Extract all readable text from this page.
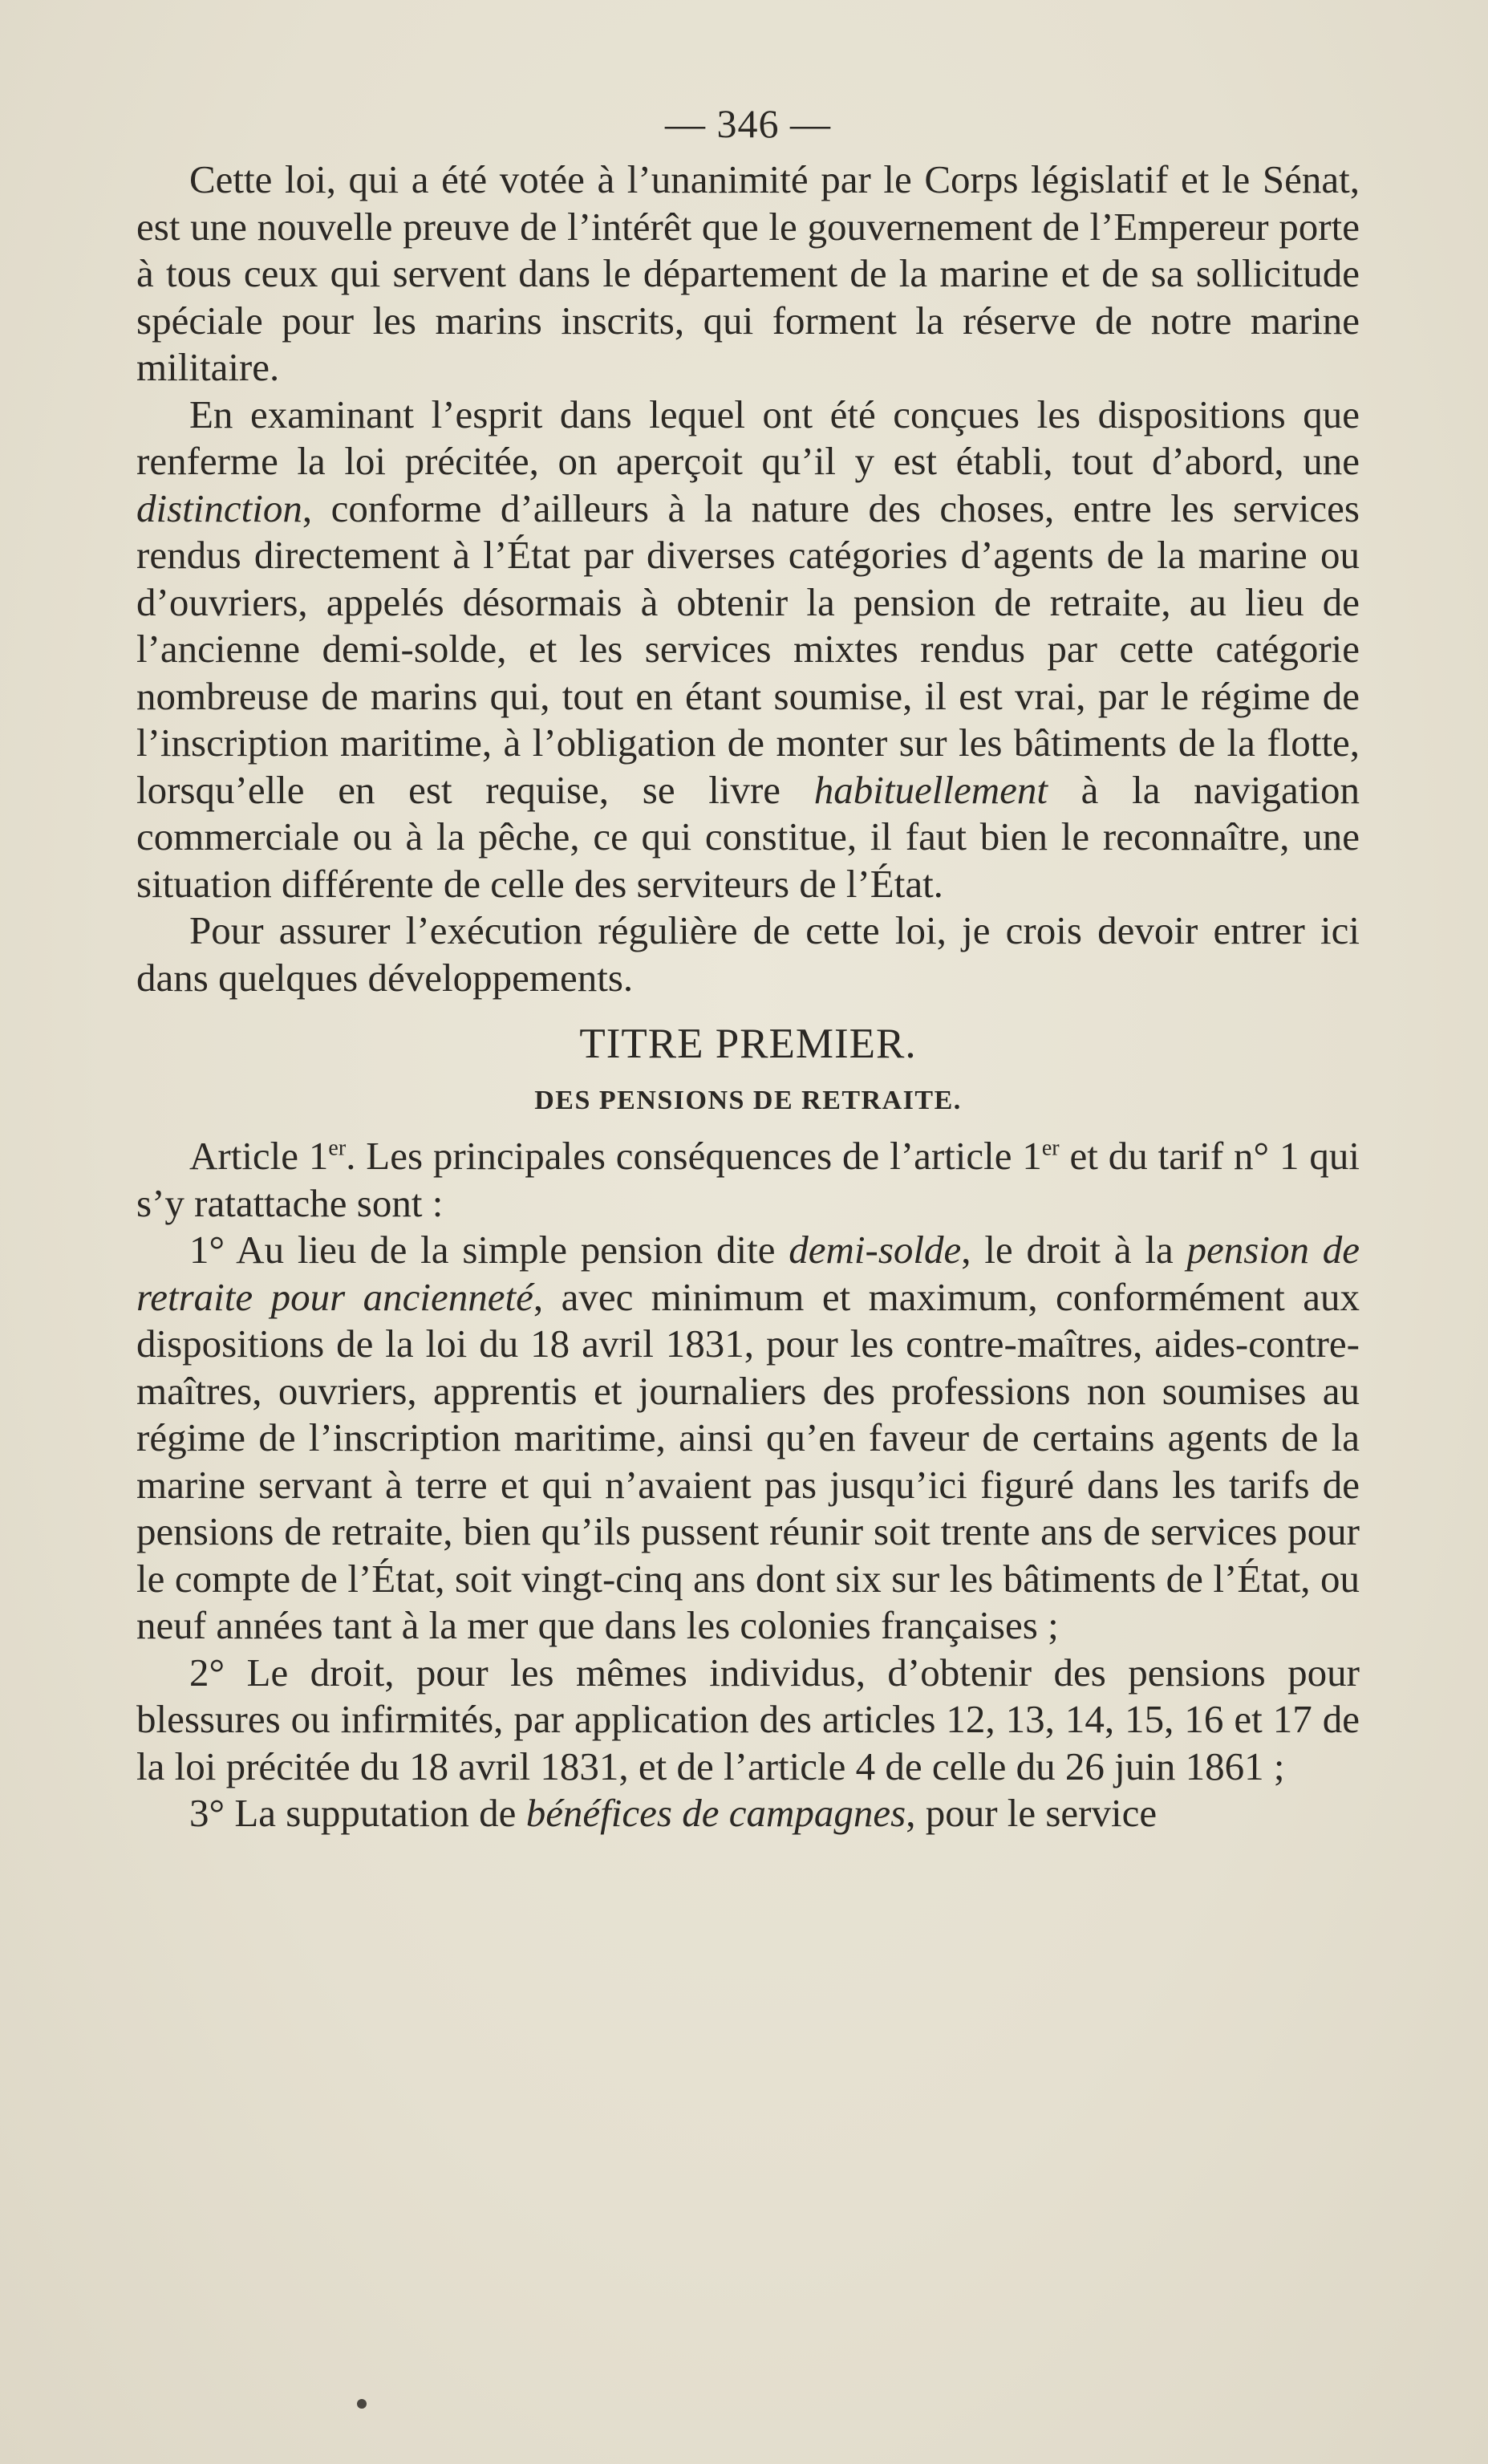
— 346 —

Cette loi, qui a été votée à l’unanimité par le Corps législatif et le Sénat, est une nouvelle preuve de l’intérêt que le gouvernement de l’Empereur porte à tous ceux qui servent dans le département de la marine et de sa sollicitude spéciale pour les marins inscrits, qui forment la réserve de notre marine militaire.

En examinant l’esprit dans lequel ont été conçues les dispositions que renferme la loi précitée, on aperçoit qu’il y est établi, tout d’abord, une distinction, conforme d’ailleurs à la nature des choses, entre les services rendus directement à l’État par diverses catégories d’agents de la marine ou d’ouvriers, appelés désormais à obtenir la pension de retraite, au lieu de l’ancienne demi-solde, et les services mixtes rendus par cette catégorie nombreuse de marins qui, tout en étant soumise, il est vrai, par le régime de l’inscription maritime, à l’obligation de monter sur les bâtiments de la flotte, lorsqu’elle en est requise, se livre habituellement à la navigation commerciale ou à la pêche, ce qui constitue, il faut bien le reconnaître, une situation différente de celle des serviteurs de l’État.

Pour assurer l’exécution régulière de cette loi, je crois devoir entrer ici dans quelques développements.

TITRE PREMIER.
DES PENSIONS DE RETRAITE.

Article 1er. Les principales conséquences de l’article 1er et du tarif n° 1 qui s’y ratattache sont :

1° Au lieu de la simple pension dite demi-solde, le droit à la pension de retraite pour ancienneté, avec minimum et maximum, conformément aux dispositions de la loi du 18 avril 1831, pour les contre-maîtres, aides-contre-maîtres, ouvriers, apprentis et journaliers des professions non soumises au régime de l’inscription maritime, ainsi qu’en faveur de certains agents de la marine servant à terre et qui n’avaient pas jusqu’ici figuré dans les tarifs de pensions de retraite, bien qu’ils pussent réunir soit trente ans de services pour le compte de l’État, soit vingt-cinq ans dont six sur les bâtiments de l’État, ou neuf années tant à la mer que dans les colonies françaises ;

2° Le droit, pour les mêmes individus, d’obtenir des pensions pour blessures ou infirmités, par application des articles 12, 13, 14, 15, 16 et 17 de la loi précitée du 18 avril 1831, et de l’article 4 de celle du 26 juin 1861 ;

3° La supputation de bénéfices de campagnes, pour le service
